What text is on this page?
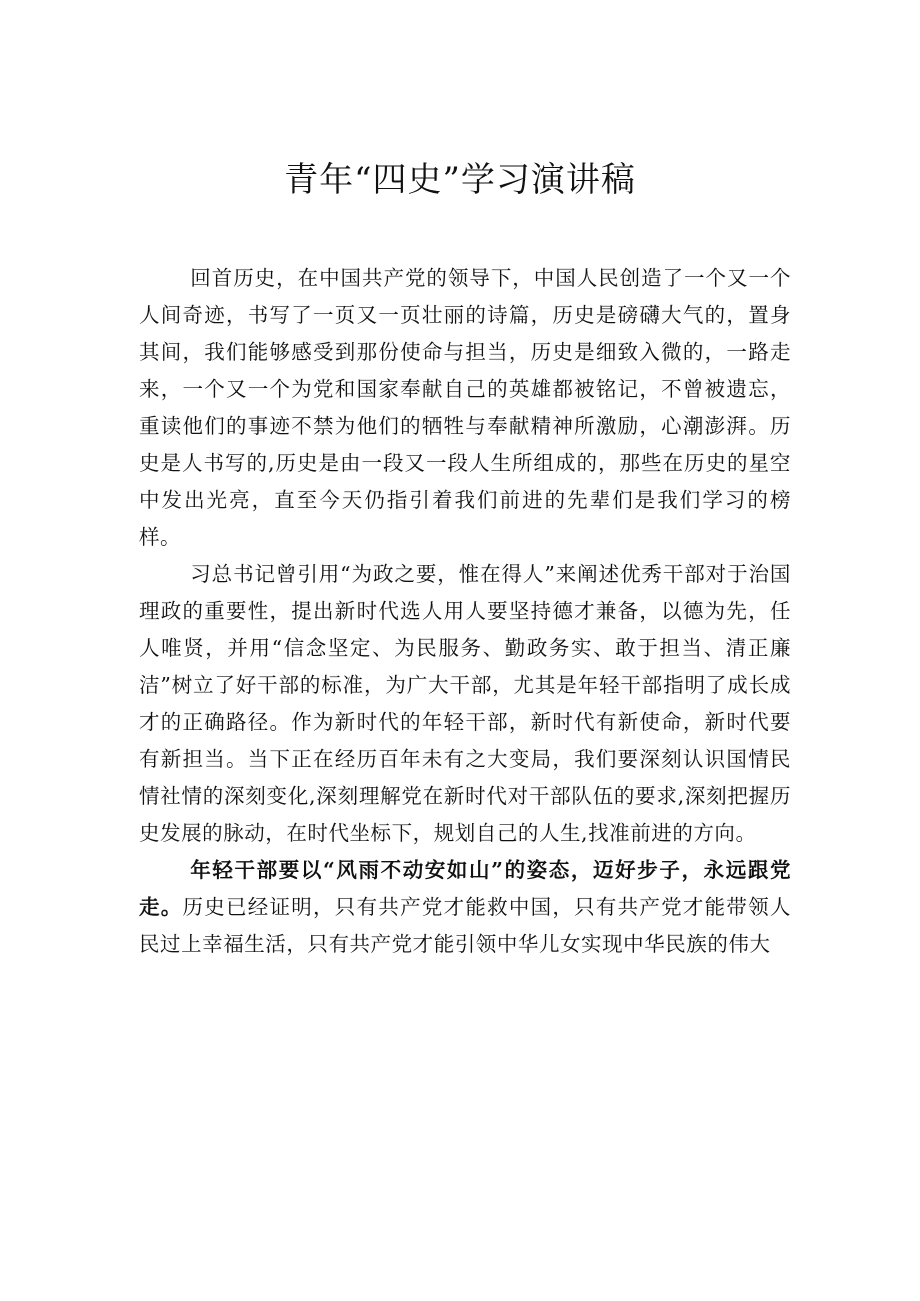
青年“四史”学习演讲稿

回首历史，在中国共产党的领导下，中国人民创造了一个又一个人间奇迹，书写了一页又一页壮丽的诗篇，历史是磅礴大气的，置身其间，我们能够感受到那份使命与担当，历史是细致入微的，一路走来，一个又一个为党和国家奉献自己的英雄都被铭记，不曾被遗忘，重读他们的事迹不禁为他们的牺牲与奉献精神所激励，心潮澎湃。历史是人书写的,历史是由一段又一段人生所组成的，那些在历史的星空中发出光亮，直至今天仍指引着我们前进的先辈们是我们学习的榜样。

习总书记曾引用“为政之要，惟在得人”来阐述优秀干部对于治国理政的重要性，提出新时代选人用人要坚持德才兼备，以德为先，任人唯贤，并用“信念坚定、为民服务、勤政务实、敢于担当、清正廉洁”树立了好干部的标准，为广大干部，尤其是年轻干部指明了成长成才的正确路径。作为新时代的年轻干部，新时代有新使命，新时代要有新担当。当下正在经历百年未有之大变局，我们要深刻认识国情民情社情的深刻变化,深刻理解党在新时代对干部队伍的要求,深刻把握历史发展的脉动，在时代坐标下，规划自己的人生,找准前进的方向。

年轻干部要以“风雨不动安如山”的姿态，迈好步子，永远跟党走。历史已经证明，只有共产党才能救中国，只有共产党才能带领人民过上幸福生活，只有共产党才能引领中华儿女实现中华民族的伟大
